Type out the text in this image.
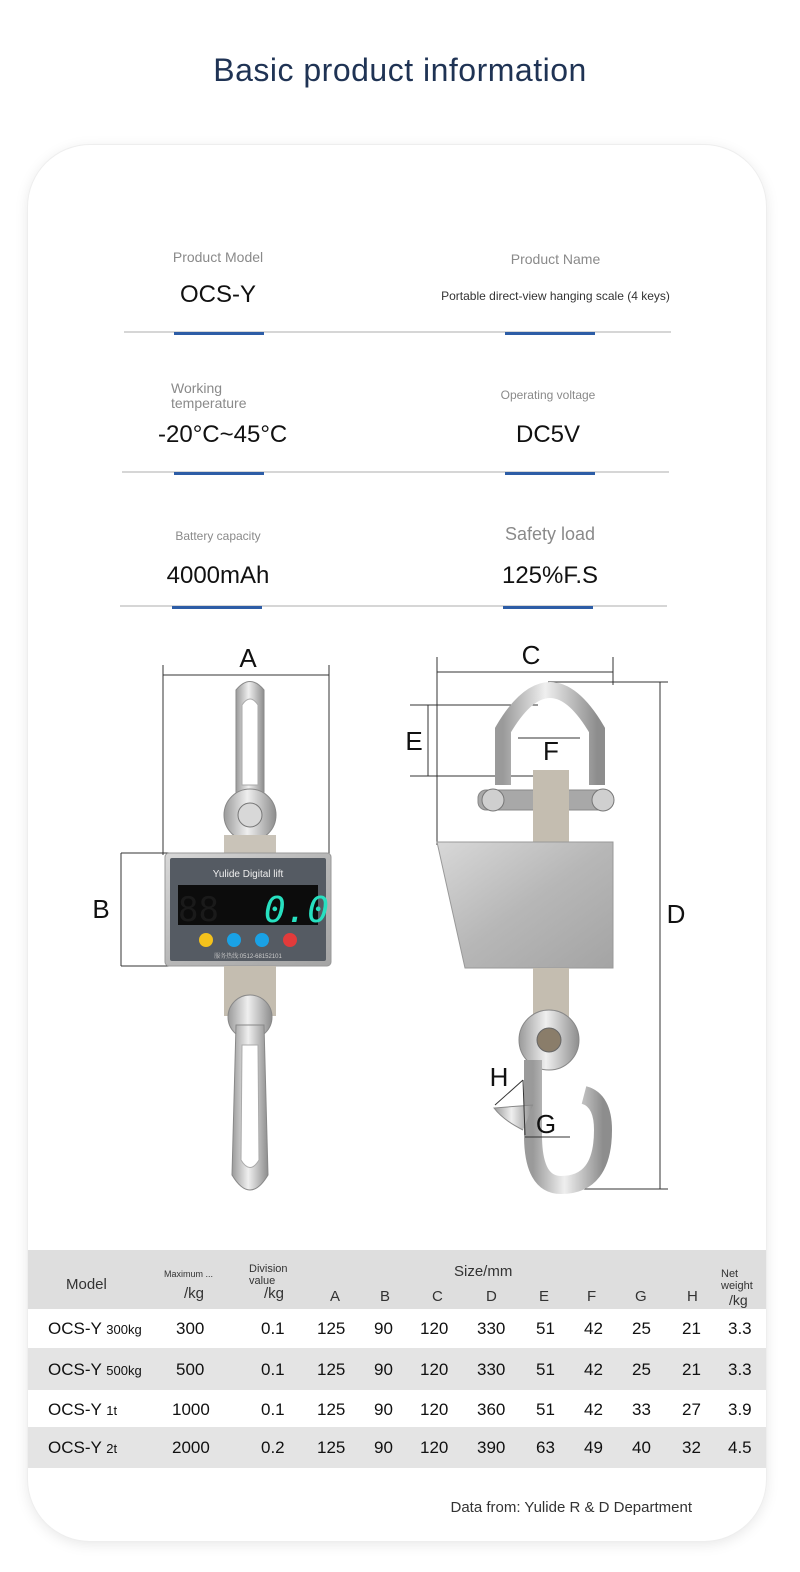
Basic product information
Product Model
OCS-Y
Product Name
Portable direct-view hanging scale (4 keys)
Working temperature
-20°C~45°C
Operating voltage
DC5V
Battery capacity
4000mAh
Safety load
125%F.S
A
B
Yulide Digital lift
88 0.0
服务热线:0512-68152101
C
D
E	F
H
G
Model
Maximum ...
/kg
Division value
/kg
Size/mm
A	B	C	D	E	F	G	H
Net weight
/kg
OCS-Y 300kg 300	0.1 125 90 120 330 51 42 25 21 3.3
OCS-Y 500kg 500	0.1 125 90 120 330 51 42 25 21 3.3
OCS-Y 1t	1000	0.1 125 90 120 360 51 42 33 27 3.9
OCS-Y 2t	2000	0.2 125 90 120 390 63 49 40 32 4.5
Data from: Yulide R & D Department
